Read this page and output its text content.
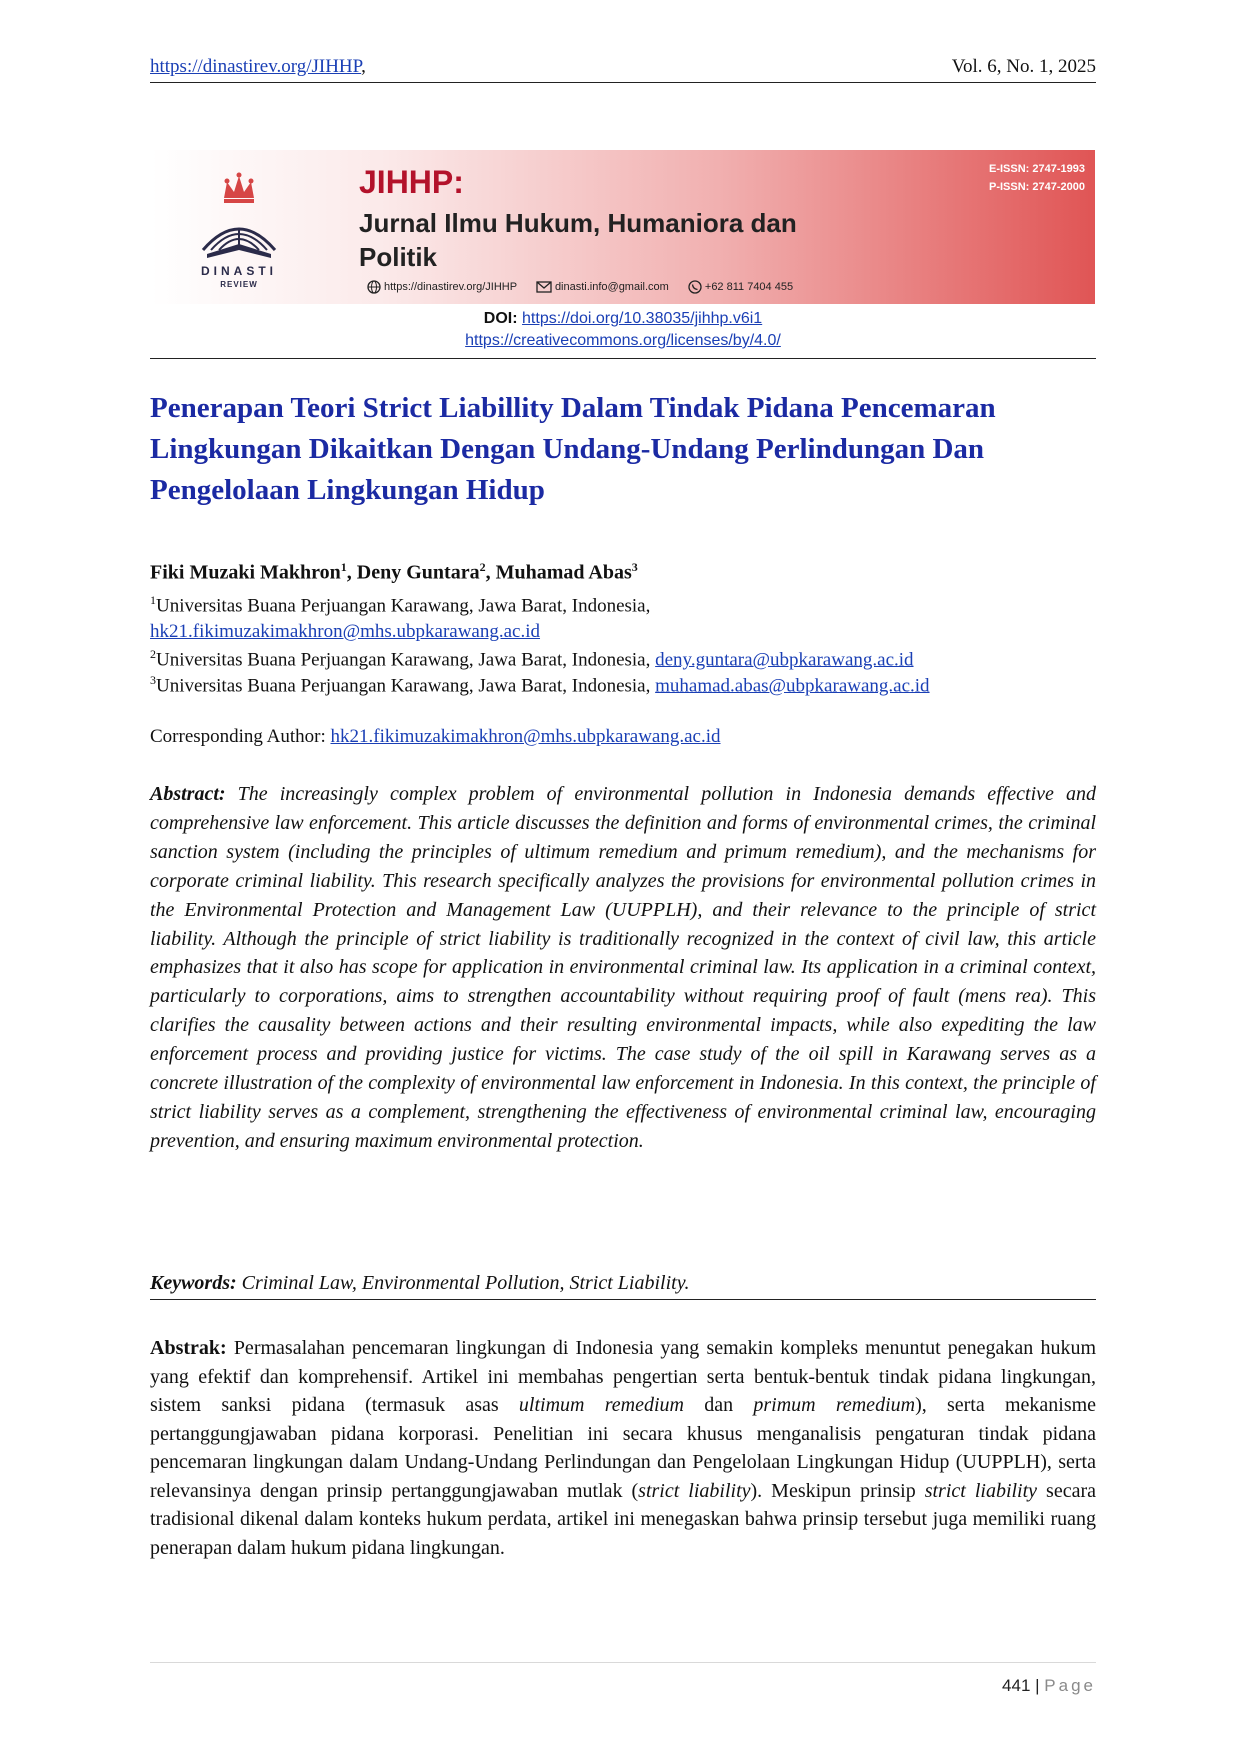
https://dinastirev.org/JIHHP,	Vol. 6, No. 1, 2025
DINASTI
REVIEW
JIHHP:
Jurnal Ilmu Hukum, Humaniora dan
Politik
E-ISSN: 2747-1993
P-ISSN: 2747-2000
https://dinastirev.org/JIHHP	dinasti.info@gmail.com	+62 811 7404 455
DOI: https://doi.org/10.38035/jihhp.v6i1
https://creativecommons.org/licenses/by/4.0/
Penerapan Teori Strict Liabillity Dalam Tindak Pidana Pencemaran Lingkungan Dikaitkan Dengan Undang-Undang Perlindungan Dan Pengelolaan Lingkungan Hidup
Fiki Muzaki Makhron$^1$, Deny Guntara$^2$, Muhamad Abas$^3$
$^1$Universitas Buana Perjuangan Karawang, Jawa Barat, Indonesia,
hk21.fikimuzakimakhron@mhs.ubpkarawang.ac.id
$^2$Universitas Buana Perjuangan Karawang, Jawa Barat, Indonesia, deny.guntara@ubpkarawang.ac.id
$^3$Universitas Buana Perjuangan Karawang, Jawa Barat, Indonesia, muhamad.abas@ubpkarawang.ac.id
Corresponding Author: hk21.fikimuzakimakhron@mhs.ubpkarawang.ac.id
Abstract: The increasingly complex problem of environmental pollution in Indonesia demands effective and comprehensive law enforcement. This article discusses the definition and forms of environmental crimes, the criminal sanction system (including the principles of ultimum remedium and primum remedium), and the mechanisms for corporate criminal liability. This research specifically analyzes the provisions for environmental pollution crimes in the Environmental Protection and Management Law (UUPPLH), and their relevance to the principle of strict liability. Although the principle of strict liability is traditionally recognized in the context of civil law, this article emphasizes that it also has scope for application in environmental criminal law. Its application in a criminal context, particularly to corporations, aims to strengthen accountability without requiring proof of fault (mens rea). This clarifies the causality between actions and their resulting environmental impacts, while also expediting the law enforcement process and providing justice for victims. The case study of the oil spill in Karawang serves as a concrete illustration of the complexity of environmental law enforcement in Indonesia. In this context, the principle of strict liability serves as a complement, strengthening the effectiveness of environmental criminal law, encouraging prevention, and ensuring maximum environmental protection.
Keywords: Criminal Law, Environmental Pollution, Strict Liability.
Abstrak: Permasalahan pencemaran lingkungan di Indonesia yang semakin kompleks menuntut penegakan hukum yang efektif dan komprehensif. Artikel ini membahas pengertian serta bentuk-bentuk tindak pidana lingkungan, sistem sanksi pidana (termasuk asas ultimum remedium dan primum remedium), serta mekanisme pertanggungjawaban pidana korporasi. Penelitian ini secara khusus menganalisis pengaturan tindak pidana pencemaran lingkungan dalam Undang-Undang Perlindungan dan Pengelolaan Lingkungan Hidup (UUPPLH), serta relevansinya dengan prinsip pertanggungjawaban mutlak (strict liability). Meskipun prinsip strict liability secara tradisional dikenal dalam konteks hukum perdata, artikel ini menegaskan bahwa prinsip tersebut juga memiliki ruang penerapan dalam hukum pidana lingkungan.
441 | Page
